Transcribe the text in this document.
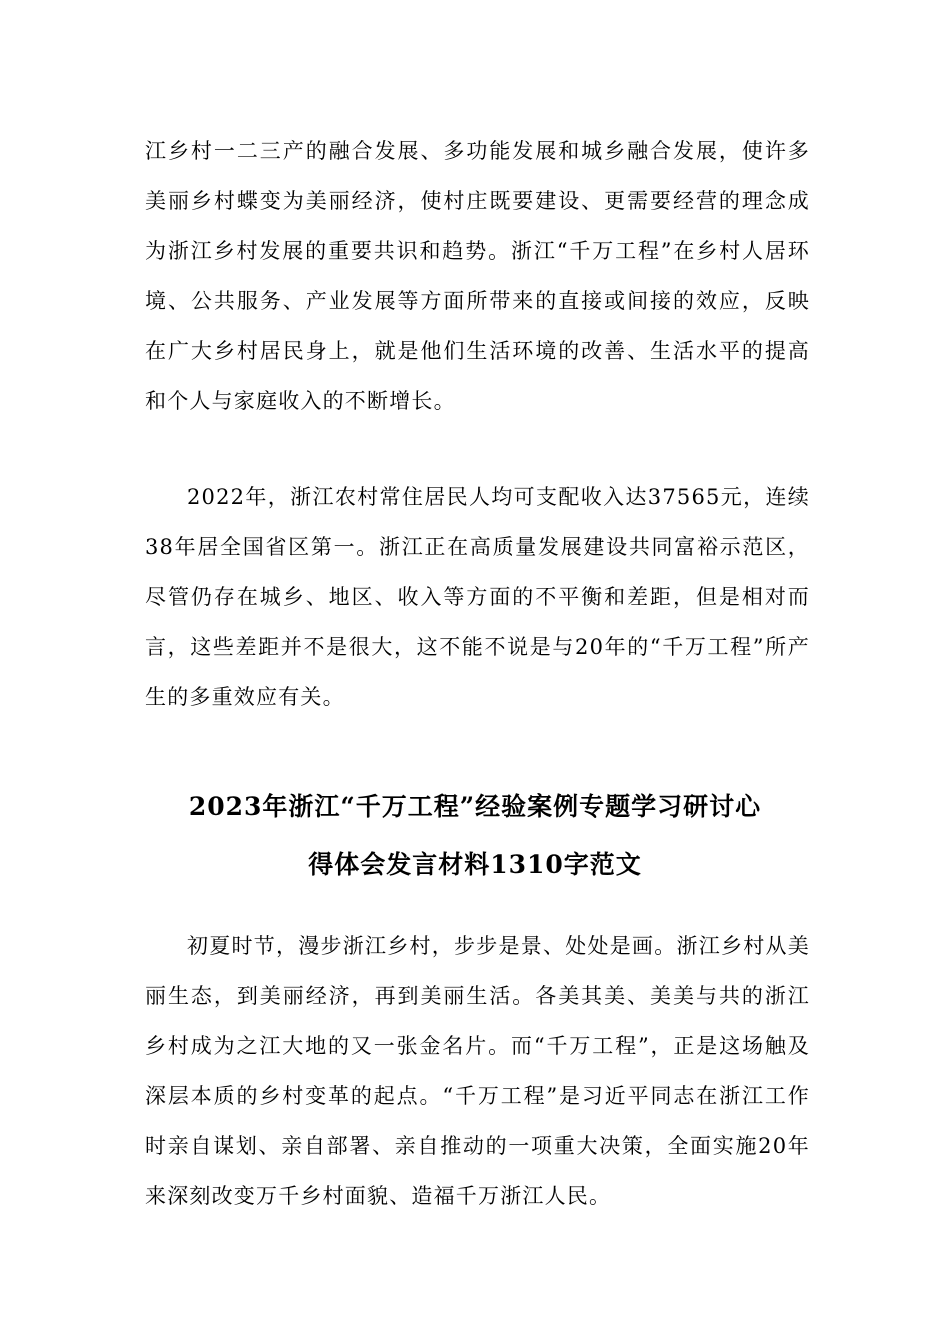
江乡村一二三产的融合发展、多功能发展和城乡融合发展，使许多美丽乡村蝶变为美丽经济，使村庄既要建设、更需要经营的理念成为浙江乡村发展的重要共识和趋势。浙江“千万工程”在乡村人居环境、公共服务、产业发展等方面所带来的直接或间接的效应，反映在广大乡村居民身上，就是他们生活环境的改善、生活水平的提高和个人与家庭收入的不断增长。

2022年，浙江农村常住居民人均可支配收入达37565元，连续38年居全国省区第一。浙江正在高质量发展建设共同富裕示范区，尽管仍存在城乡、地区、收入等方面的不平衡和差距，但是相对而言，这些差距并不是很大，这不能不说是与20年的“千万工程”所产生的多重效应有关。

2023年浙江“千万工程”经验案例专题学习研讨心
得体会发言材料1310字范文

初夏时节，漫步浙江乡村，步步是景、处处是画。浙江乡村从美丽生态，到美丽经济，再到美丽生活。各美其美、美美与共的浙江乡村成为之江大地的又一张金名片。而“千万工程”，正是这场触及深层本质的乡村变革的起点。“千万工程”是习近平同志在浙江工作时亲自谋划、亲自部署、亲自推动的一项重大决策，全面实施20年来深刻改变万千乡村面貌、造福千万浙江人民。
